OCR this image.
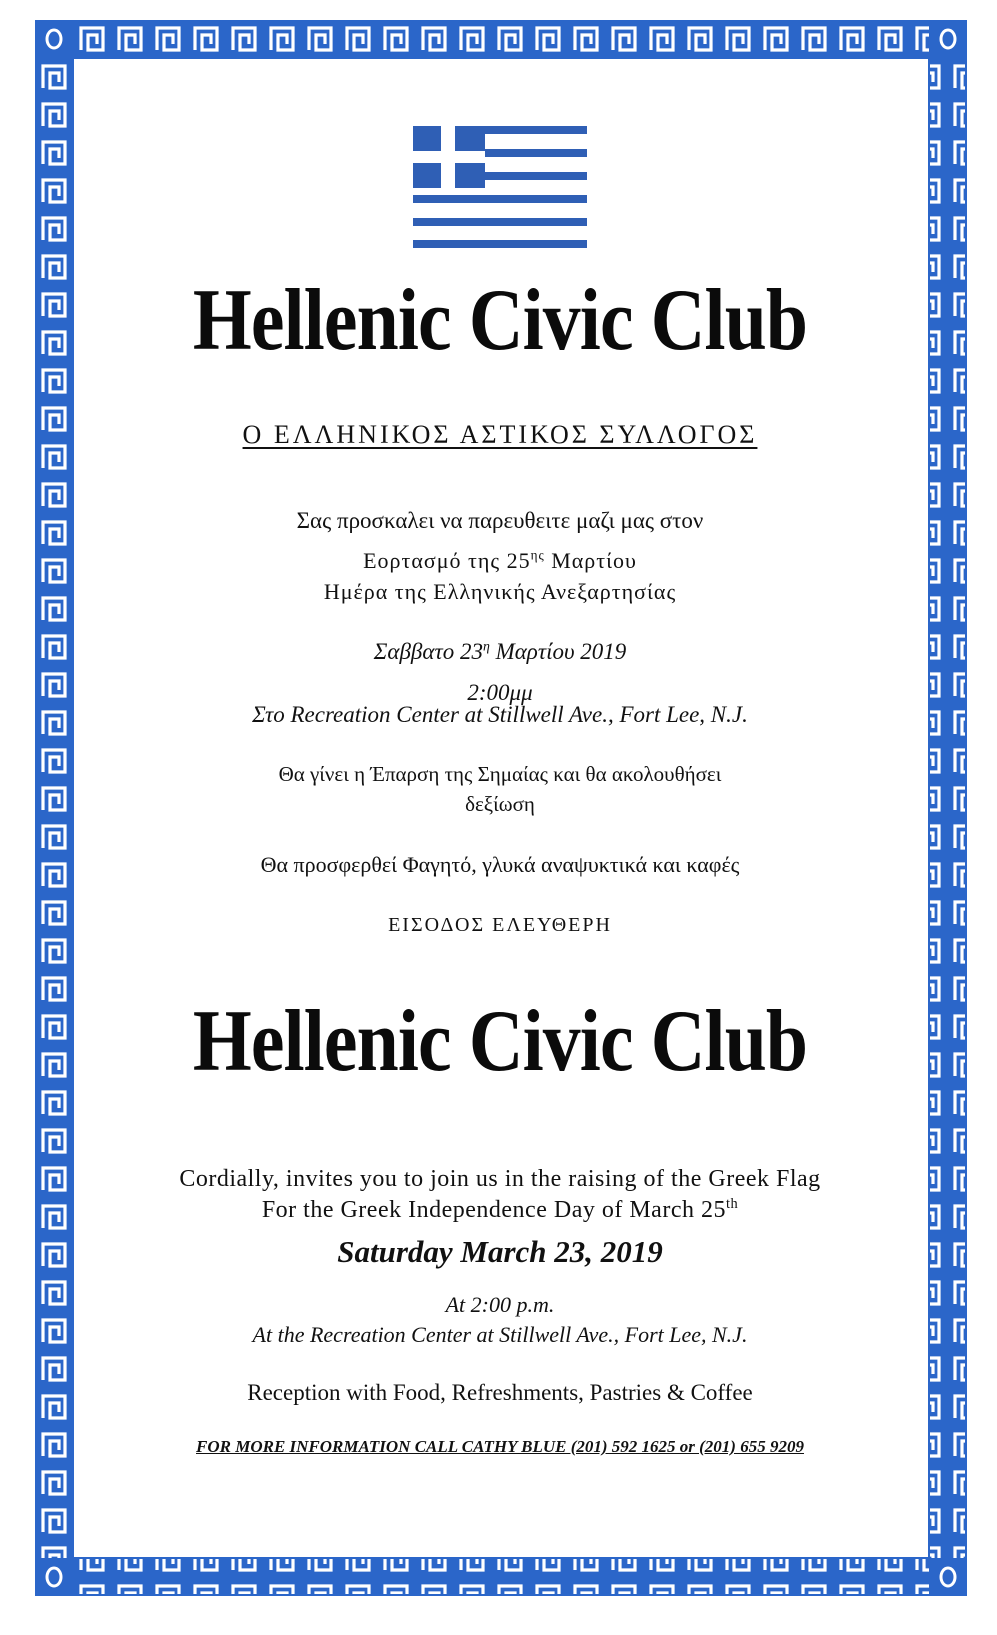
Hellenic Civic Club
Ο ΕΛΛΗΝΙΚΟΣ ΑΣΤΙΚΟΣ ΣΥΛΛΟΓΟΣ
Σας προσκαλει να παρευθειτε μαζι μας στον
Εορτασμό της $25^{\eta\varsigma}$ Μαρτίου
Ημέρα της Ελληνικής Ανεξαρτησίας
Σαββατο $23^\eta$ Μαρτίου 2019
2:00μμ
Στο Recreation Center at Stillwell Ave., Fort Lee, N.J.
Θα γίνει η Έπαρση της Σημαίας και θα ακολουθήσει
δεξίωση
Θα προσφερθεί Φαγητό, γλυκά αναψυκτικά και καφές
ΕΙΣΟΔΟΣ ΕΛΕΥΘΕΡΗ
Hellenic Civic Club
Cordially, invites you to join us in the raising of the Greek Flag
For the Greek Independence Day of March 25th
Saturday March 23, 2019
At 2:00 p.m.
At the Recreation Center at Stillwell Ave., Fort Lee, N.J.
Reception with Food, Refreshments, Pastries & Coffee
FOR MORE INFORMATION CALL CATHY BLUE (201) 592 1625 or (201) 655 9209
